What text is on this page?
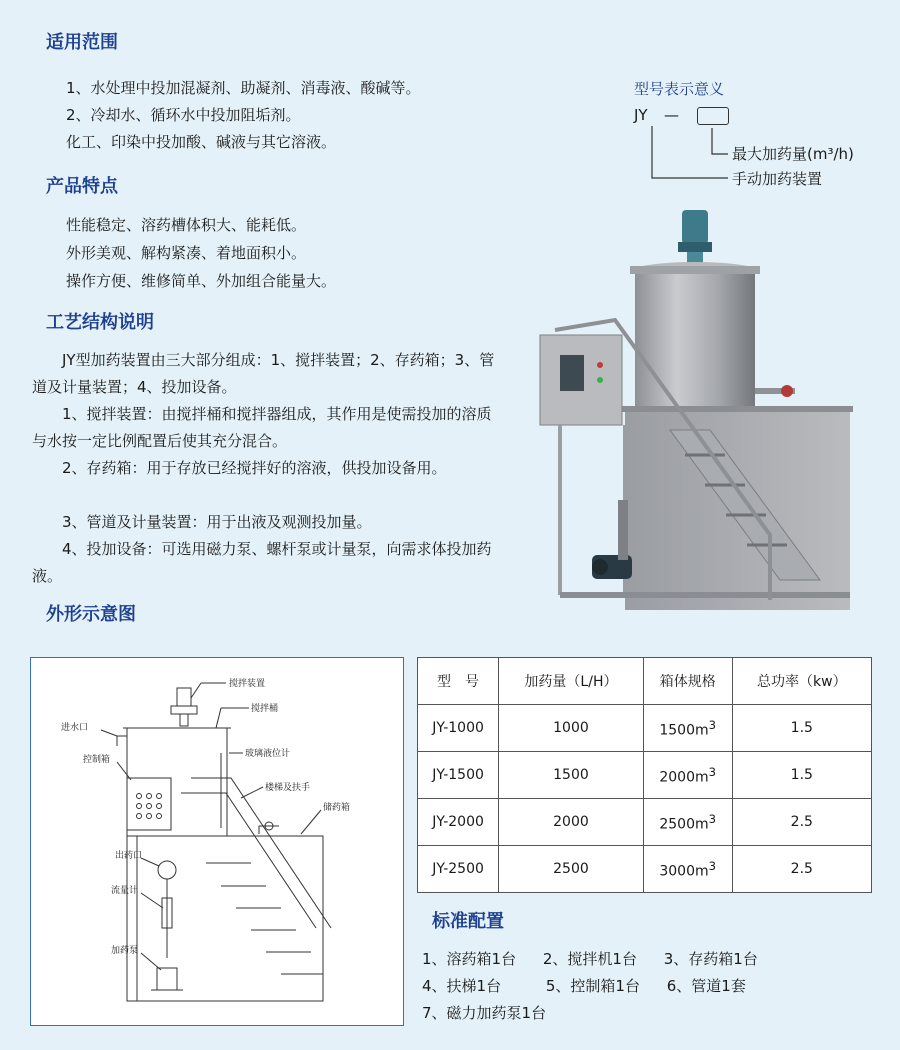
适用范围

1、水处理中投加混凝剂、助凝剂、消毒液、酸碱等。

2、冷却水、循环水中投加阻垢剂。

化工、印染中投加酸、碱液与其它溶液。

产品特点

性能稳定、溶药槽体积大、能耗低。

外形美观、解构紧凑、着地面积小。

操作方便、维修简单、外加组合能量大。

工艺结构说明

JY型加药装置由三大部分组成：1、搅拌装置；2、存药箱；3、管道及计量装置；4、投加设备。

1、搅拌装置：由搅拌桶和搅拌器组成，其作用是使需投加的溶质与水按一定比例配置后使其充分混合。

2、存药箱：用于存放已经搅拌好的溶液，供投加设备用。

3、管道及计量装置：用于出液及观测投加量。

4、投加设备：可选用磁力泵、螺杆泵或计量泵，向需求体投加药液。

外形示意图
型号表示意义
JY —
最大加药量(m³/h)
手动加药装置
搅拌装置
搅拌桶
进水口
玻璃液位计
控制箱
楼梯及扶手
储药箱
出药口
流量计
加药泵
型　号	加药量（L/H）	箱体规格	总功率（kw）
JY-1000	1000	$1500m^3$	1.5
JY-1500	1500	$2000m^3$	1.5
JY-2000	2000	$2500m^3$	2.5
JY-2500	2500	$3000m^3$	2.5
标准配置
1、溶药箱1台 2、搅拌机1台 3、存药箱1台
4、扶梯1台	5、控制箱1台 6、管道1套
7、磁力加药泵1台
